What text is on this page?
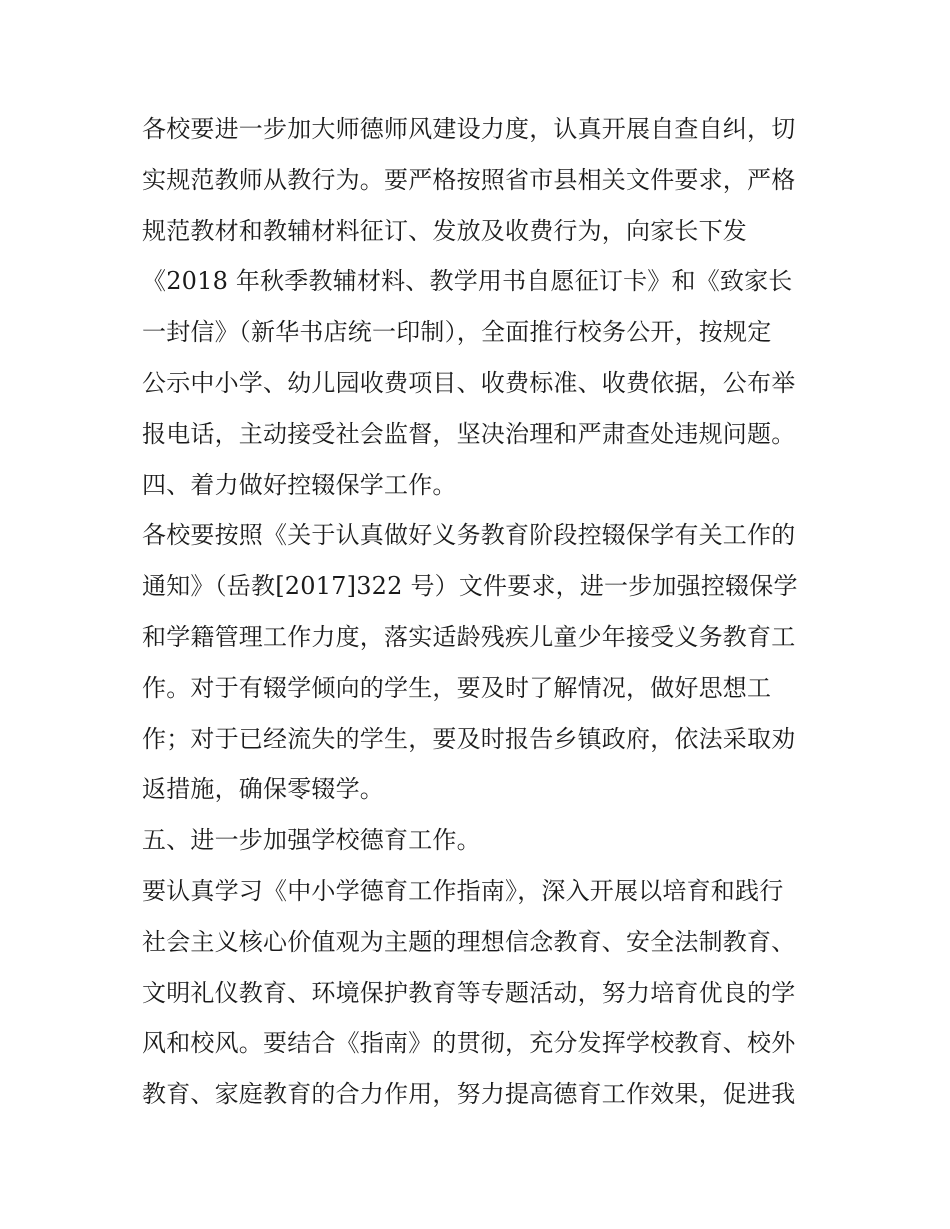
各校要进一步加大师德师风建设力度，认真开展自查自纠，切
实规范教师从教行为。要严格按照省市县相关文件要求，严格
规范教材和教辅材料征订、发放及收费行为，向家长下发
《2018 年秋季教辅材料、教学用书自愿征订卡》和《致家长
一封信》（新华书店统一印制），全面推行校务公开，按规定
公示中小学、幼儿园收费项目、收费标准、收费依据，公布举
报电话，主动接受社会监督，坚决治理和严肃查处违规问题。
四、着力做好控辍保学工作。
各校要按照《关于认真做好义务教育阶段控辍保学有关工作的
通知》（岳教[2017]322 号）文件要求，进一步加强控辍保学
和学籍管理工作力度，落实适龄残疾儿童少年接受义务教育工
作。对于有辍学倾向的学生，要及时了解情况，做好思想工
作；对于已经流失的学生，要及时报告乡镇政府，依法采取劝
返措施，确保零辍学。
五、进一步加强学校德育工作。
要认真学习《中小学德育工作指南》，深入开展以培育和践行
社会主义核心价值观为主题的理想信念教育、安全法制教育、
文明礼仪教育、环境保护教育等专题活动，努力培育优良的学
风和校风。要结合《指南》的贯彻，充分发挥学校教育、校外
教育、家庭教育的合力作用，努力提高德育工作效果，促进我
